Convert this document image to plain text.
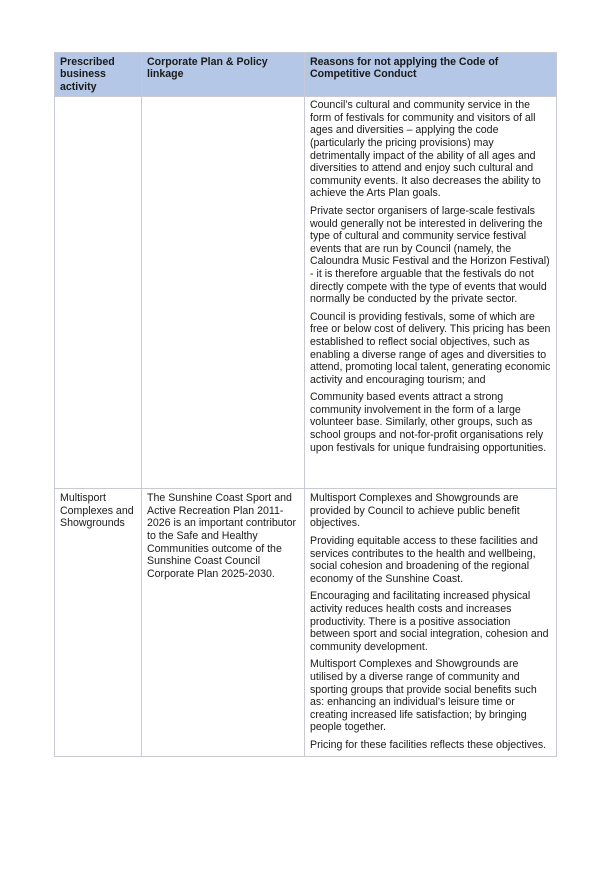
Prescribed business activity	Corporate Plan & Policy linkage	Reasons for not applying the Code of Competitive Conduct

		Council’s cultural and community service in the form of festivals for community and visitors of all ages and diversities – applying the code (particularly the pricing provisions) may detrimentally impact of the ability of all ages and diversities to attend and enjoy such cultural and community events. It also decreases the ability to achieve the Arts Plan goals.

Private sector organisers of large-scale festivals would generally not be interested in delivering the type of cultural and community service festival events that are run by Council (namely, the Caloundra Music Festival and the Horizon Festival) - it is therefore arguable that the festivals do not directly compete with the type of events that would normally be conducted by the private sector.

Council is providing festivals, some of which are free or below cost of delivery. This pricing has been established to reflect social objectives, such as enabling a diverse range of ages and diversities to attend, promoting local talent, generating economic activity and encouraging tourism; and

Community based events attract a strong community involvement in the form of a large volunteer base. Similarly, other groups, such as school groups and not-for-profit organisations rely upon festivals for unique fundraising opportunities.

Multisport Complexes and Showgrounds	The Sunshine Coast Sport and Active Recreation Plan 2011-2026 is an important contributor to the Safe and Healthy Communities outcome of the Sunshine Coast Council Corporate Plan 2025-2030.	Multisport Complexes and Showgrounds are provided by Council to achieve public benefit objectives.

Providing equitable access to these facilities and services contributes to the health and wellbeing, social cohesion and broadening of the regional economy of the Sunshine Coast.

Encouraging and facilitating increased physical activity reduces health costs and increases productivity. There is a positive association between sport and social integration, cohesion and community development.

Multisport Complexes and Showgrounds are utilised by a diverse range of community and sporting groups that provide social benefits such as: enhancing an individual’s leisure time or creating increased life satisfaction; by bringing people together.

Pricing for these facilities reflects these objectives.
